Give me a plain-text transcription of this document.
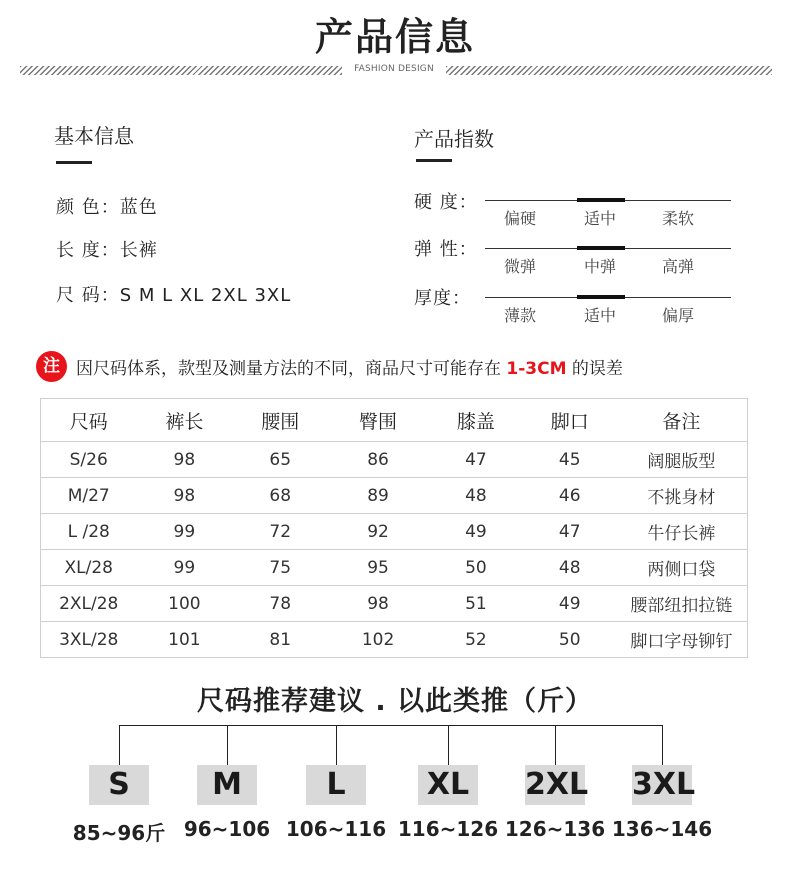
产品信息
FASHION DESIGN
基本信息
颜 色：蓝色
长 度：长裤
尺 码：S M L XL 2XL 3XL
产品指数
硬 度：
偏硬	适中	柔软
弹 性：
微弹	中弹	高弹
厚度：
薄款	适中	偏厚
注 因尺码体系，款型及测量方法的不同，商品尺寸可能存在 1-3CM 的误差
尺码	裤长	腰围	臀围	膝盖	脚口	备注
S/26	98	65	86	47	45	阔腿版型
M/27	98	68	89	48	46	不挑身材
L /28	99	72	92	49	47	牛仔长裤
XL/28	99	75	95	50	48	两侧口袋
2XL/28	100	78	98	51	49	腰部纽扣拉链
3XL/28	101	81	102	52	50	脚口字母铆钉
尺码推荐建议 . 以此类推（斤）
S
85~96斤
M
96~106
L
106~116
XL
116~126
2XL
126~136
3XL
136~146
